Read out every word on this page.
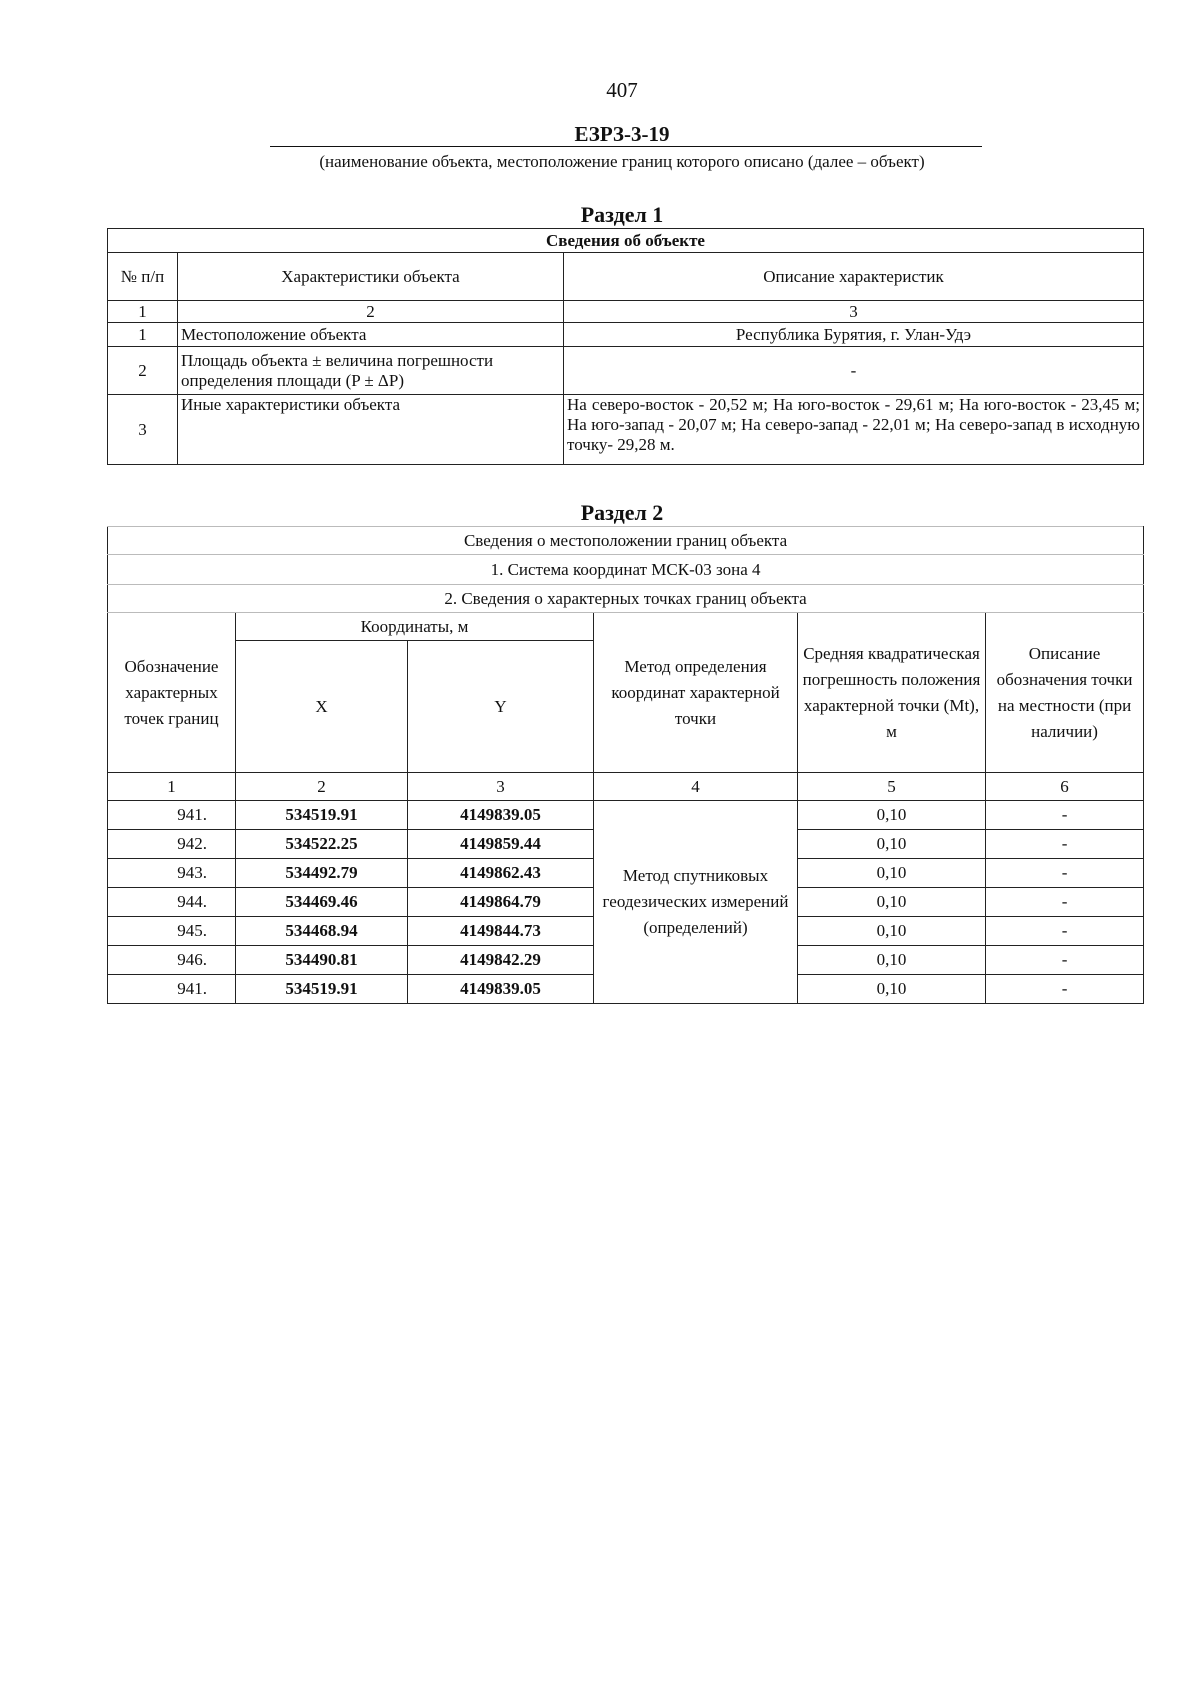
407
ЕЗРЗ-3-19
(наименование объекта, местоположение границ которого описано (далее – объект)
Раздел 1
Сведения об объекте		
№ п/п	Характеристики объекта	Описание характеристик
1	2	3
1	Местоположение объекта	Республика Бурятия, г. Улан-Удэ
2	Площадь объекта ± величина погрешности определения площади (P ± ΔP)	-
3	Иные характеристики объекта	На северо-восток - 20,52 м; На юго-восток - 29,61 м; На юго-восток - 23,45 м; На юго-запад - 20,07 м; На северо-запад - 22,01 м; На северо-запад в исходную точку- 29,28 м.
Раздел 2
Сведения о местоположении границ объекта					
1. Система координат МСК-03 зона 4					
2. Сведения о характерных точках границ объекта					
Обозначение характерных точек границ	Координаты, м		Метод определения координат характерной точки	Средняя квадратическая погрешность положения характерной точки (Mt), м	Описание обозначения точки на местности (при наличии)
	X	Y			
1	2	3	4	5	6
941.	534519.91	4149839.05	Метод спутниковых геодезических измерений (определений)	0,10	-
942.	534522.25	4149859.44		0,10	-
943.	534492.79	4149862.43		0,10	-
944.	534469.46	4149864.79		0,10	-
945.	534468.94	4149844.73		0,10	-
946.	534490.81	4149842.29		0,10	-
941.	534519.91	4149839.05		0,10	-
